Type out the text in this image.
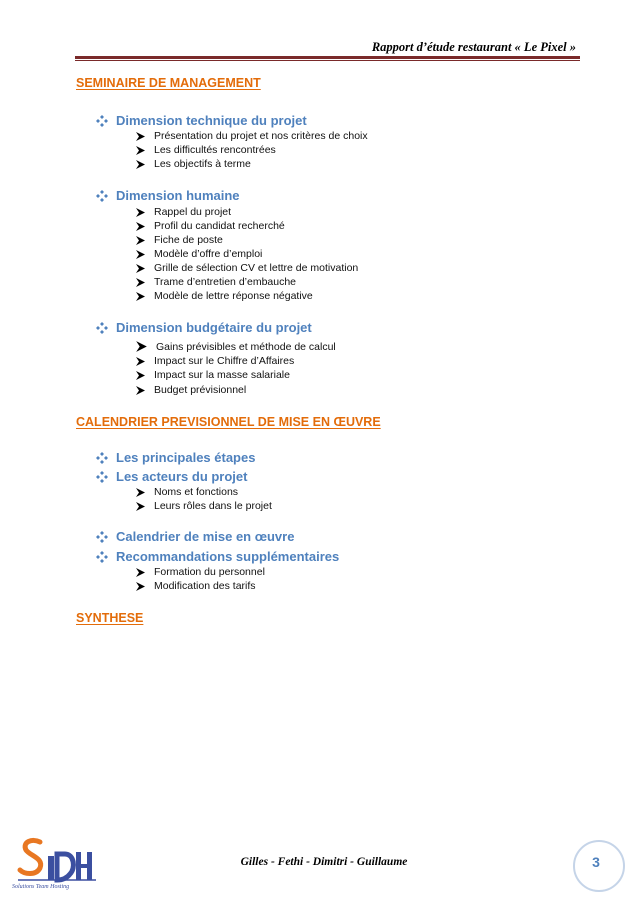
Rapport d’étude restaurant « Le Pixel »
SEMINAIRE DE MANAGEMENT
Dimension technique du projet
Présentation du projet et nos critères de choix
Les difficultés rencontrées
Les objectifs à terme
Dimension humaine
Rappel du projet
Profil du candidat recherché
Fiche de poste
Modèle d’offre d’emploi
Grille de sélection CV et lettre de motivation
Trame d’entretien d’embauche
Modèle de lettre réponse négative
Dimension budgétaire du projet
Gains prévisibles et méthode de calcul
Impact sur le Chiffre d’Affaires
Impact sur la masse salariale
Budget prévisionnel
CALENDRIER PREVISIONNEL DE MISE EN ŒUVRE
Les principales étapes
Les acteurs du projet
Noms et fonctions
Leurs rôles dans le projet
Calendrier de mise en œuvre
Recommandations supplémentaires
Formation du personnel
Modification des tarifs
SYNTHESE
Solutions Team Hosting
Gilles - Fethi - Dimitri - Guillaume	3
